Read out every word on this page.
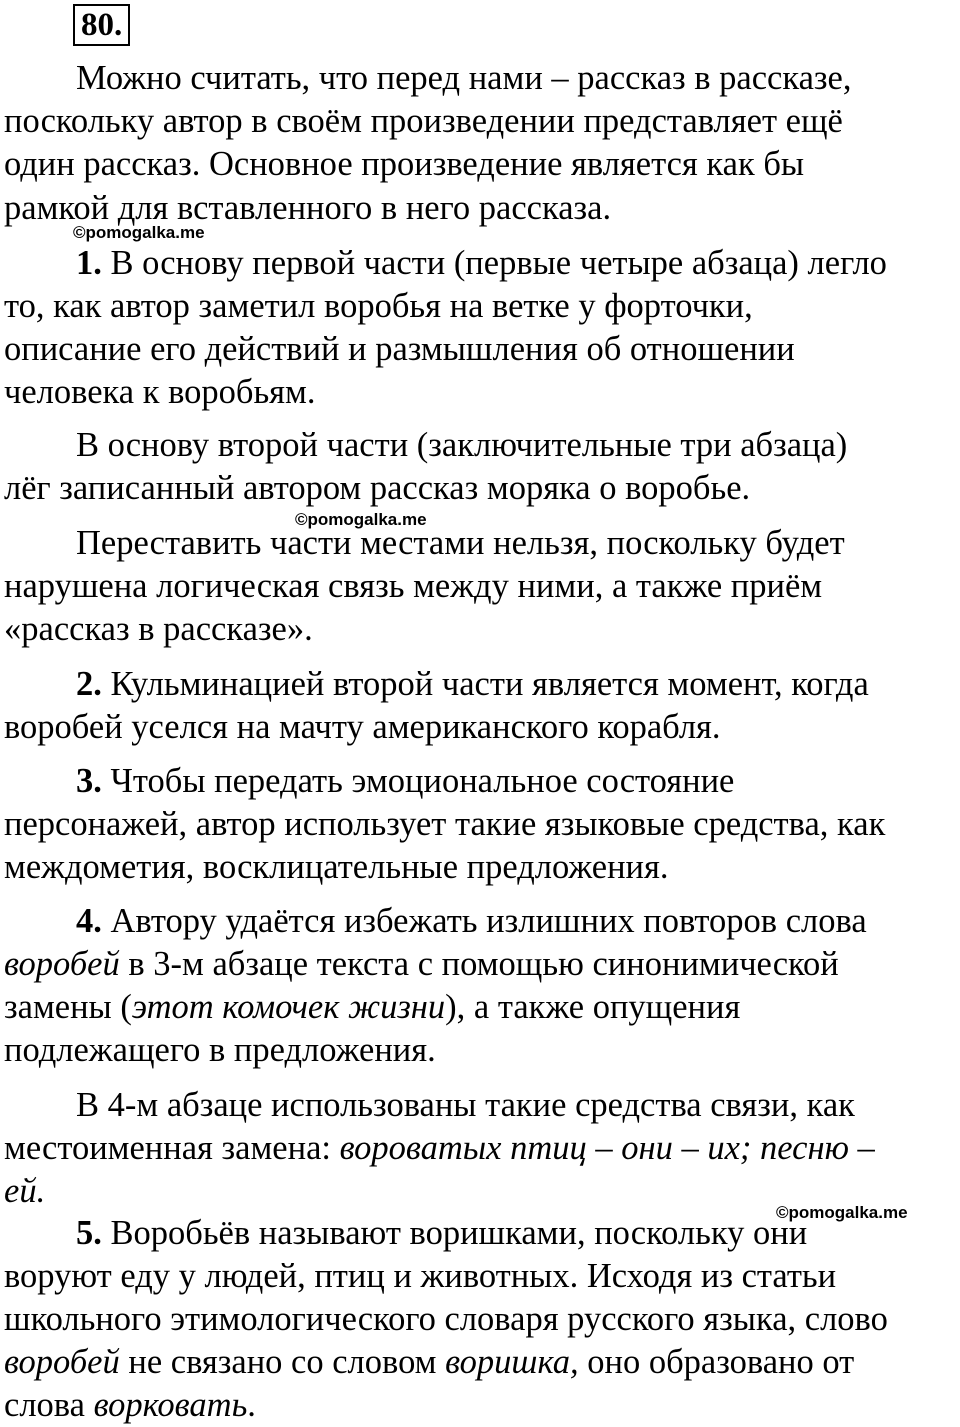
80.

Можно считать, что перед нами – рассказ в рассказе,

поскольку автор в своём произведении представляет ещё

один рассказ. Основное произведение является как бы

рамкой для вставленного в него рассказа.

©pomogalka.me

1. В основу первой части (первые четыре абзаца) легло

то, как автор заметил воробья на ветке у форточки,

описание его действий и размышления об отношении

человека к воробьям.

В основу второй части (заключительные три абзаца)

лёг записанный автором рассказ моряка о воробье.

©pomogalka.me

Переставить части местами нельзя, поскольку будет

нарушена логическая связь между ними, а также приём

«рассказ в рассказе».

2. Кульминацией второй части является момент, когда

воробей уселся на мачту американского корабля.

3. Чтобы передать эмоциональное состояние

персонажей, автор использует такие языковые средства, как

междометия, восклицательные предложения.

4. Автору удаётся избежать излишних повторов слова

воробей в 3-м абзаце текста с помощью синонимической

замены (этот комочек жизни), а также опущения

подлежащего в предложения.

В 4-м абзаце использованы такие средства связи, как

местоименная замена: вороватых птиц – они – их; песню –

ей.

©pomogalka.me

5. Воробьёв называют воришками, поскольку они

воруют еду у людей, птиц и животных. Исходя из статьи

школьного этимологического словаря русского языка, слово

воробей не связано со словом воришка, оно образовано от

слова ворковать.
